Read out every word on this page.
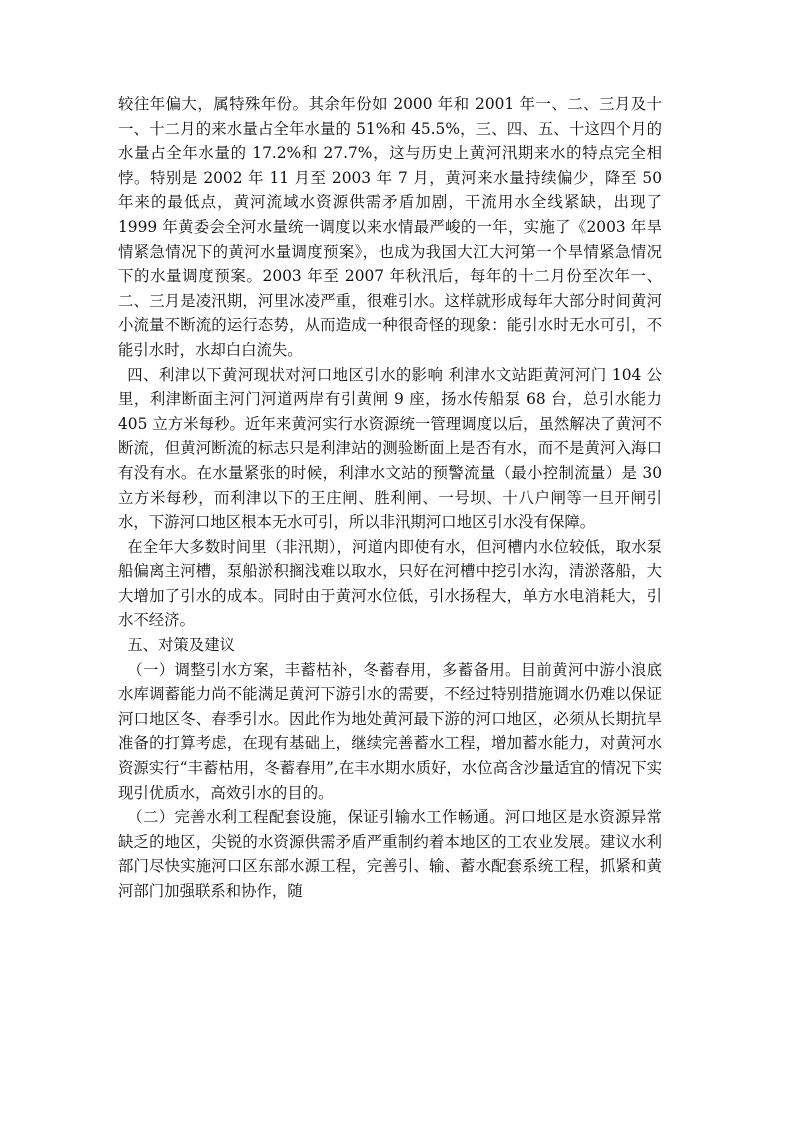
较往年偏大，属特殊年份。其余年份如 2000 年和 2001 年一、二、三月及十一、十二月的来水量占全年水量的 51%和 45.5%，三、四、五、十这四个月的水量占全年水量的 17.2%和 27.7%，这与历史上黄河汛期来水的特点完全相悖。特别是 2002 年 11 月至 2003 年 7 月，黄河来水量持续偏少，降至 50 年来的最低点，黄河流域水资源供需矛盾加剧，干流用水全线紧缺，出现了 1999 年黄委会全河水量统一调度以来水情最严峻的一年，实施了《2003 年旱情紧急情况下的黄河水量调度预案》，也成为我国大江大河第一个旱情紧急情况下的水量调度预案。2003 年至 2007 年秋汛后，每年的十二月份至次年一、二、三月是凌汛期，河里冰凌严重，很难引水。这样就形成每年大部分时间黄河小流量不断流的运行态势，从而造成一种很奇怪的现象：能引水时无水可引，不能引水时，水却白白流失。

四、利津以下黄河现状对河口地区引水的影响 利津水文站距黄河河门 104 公里，利津断面主河门河道两岸有引黄闸 9 座，扬水传船泵 68 台，总引水能力 405 立方米每秒。近年来黄河实行水资源统一管理调度以后，虽然解决了黄河不断流，但黄河断流的标志只是利津站的测验断面上是否有水，而不是黄河入海口有没有水。在水量紧张的时候，利津水文站的预警流量（最小控制流量）是 30 立方米每秒，而利津以下的王庄闸、胜利闸、一号坝、十八户闸等一旦开闸引水，下游河口地区根本无水可引，所以非汛期河口地区引水没有保障。

在全年大多数时间里（非汛期），河道内即使有水，但河槽内水位较低，取水泵船偏离主河槽，泵船淤积搁浅难以取水，只好在河槽中挖引水沟，清淤落船，大大增加了引水的成本。同时由于黄河水位低，引水扬程大，单方水电消耗大，引水不经济。

五、对策及建议

（一）调整引水方案，丰蓄枯补，冬蓄春用，多蓄备用。目前黄河中游小浪底水库调蓄能力尚不能满足黄河下游引水的需要，不经过特别措施调水仍难以保证河口地区冬、春季引水。因此作为地处黄河最下游的河口地区，必须从长期抗旱准备的打算考虑，在现有基础上，继续完善蓄水工程，增加蓄水能力，对黄河水资源实行“丰蓄枯用，冬蓄春用”,在丰水期水质好，水位高含沙量适宜的情况下实现引优质水，高效引水的目的。

（二）完善水利工程配套设施，保证引输水工作畅通。河口地区是水资源异常缺乏的地区，尖锐的水资源供需矛盾严重制约着本地区的工农业发展。建议水利部门尽快实施河口区东部水源工程，完善引、输、蓄水配套系统工程，抓紧和黄河部门加强联系和协作，随
